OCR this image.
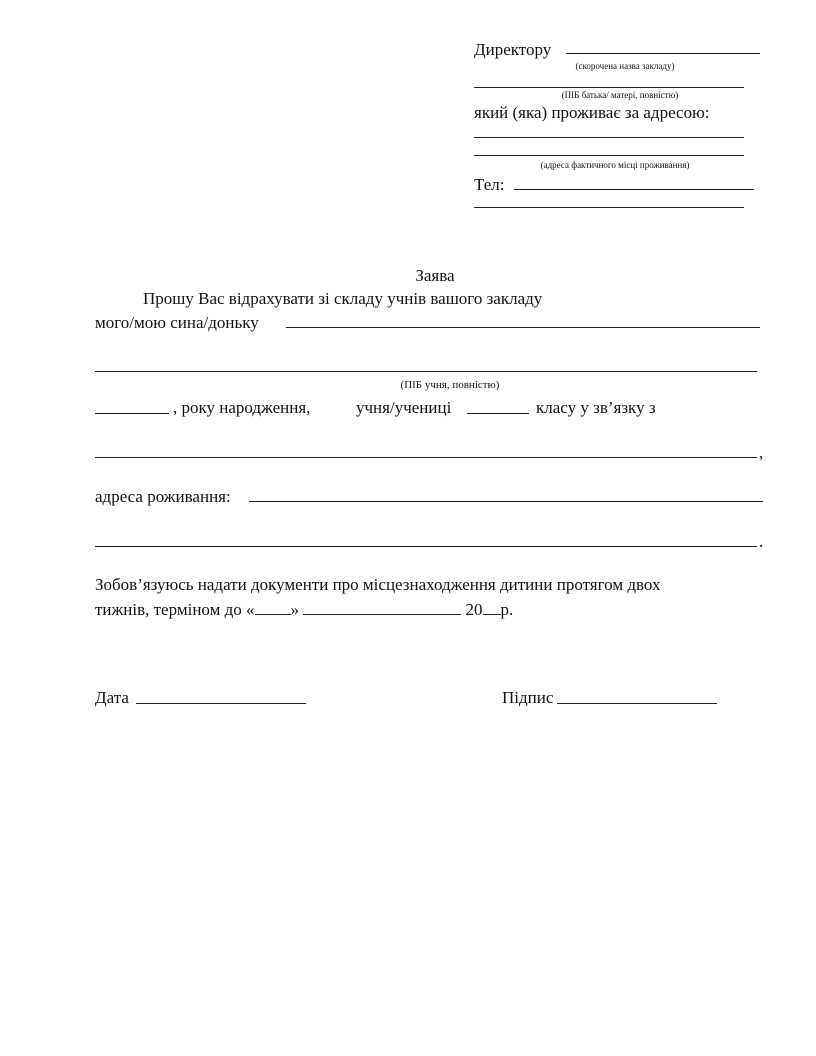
Директору
(скорочена назва закладу)
(ПІБ батька/ матері, повністю)
який (яка) проживає за адресою:
(адреса фактичного місці проживання)
Тел:
Заява
Прошу Вас відрахувати зі складу учнів вашого закладу
мого/мою сина/доньку
(ПІБ учня, повністю)
, року народження,	учня/учениці	класу у зв’язку з
,
адреса роживання:
.
Зобов’язуюсь надати документи про місцезнаходження дитини протягом двох
тижнів, терміном до « »	20 р.
Дата	Підпис
